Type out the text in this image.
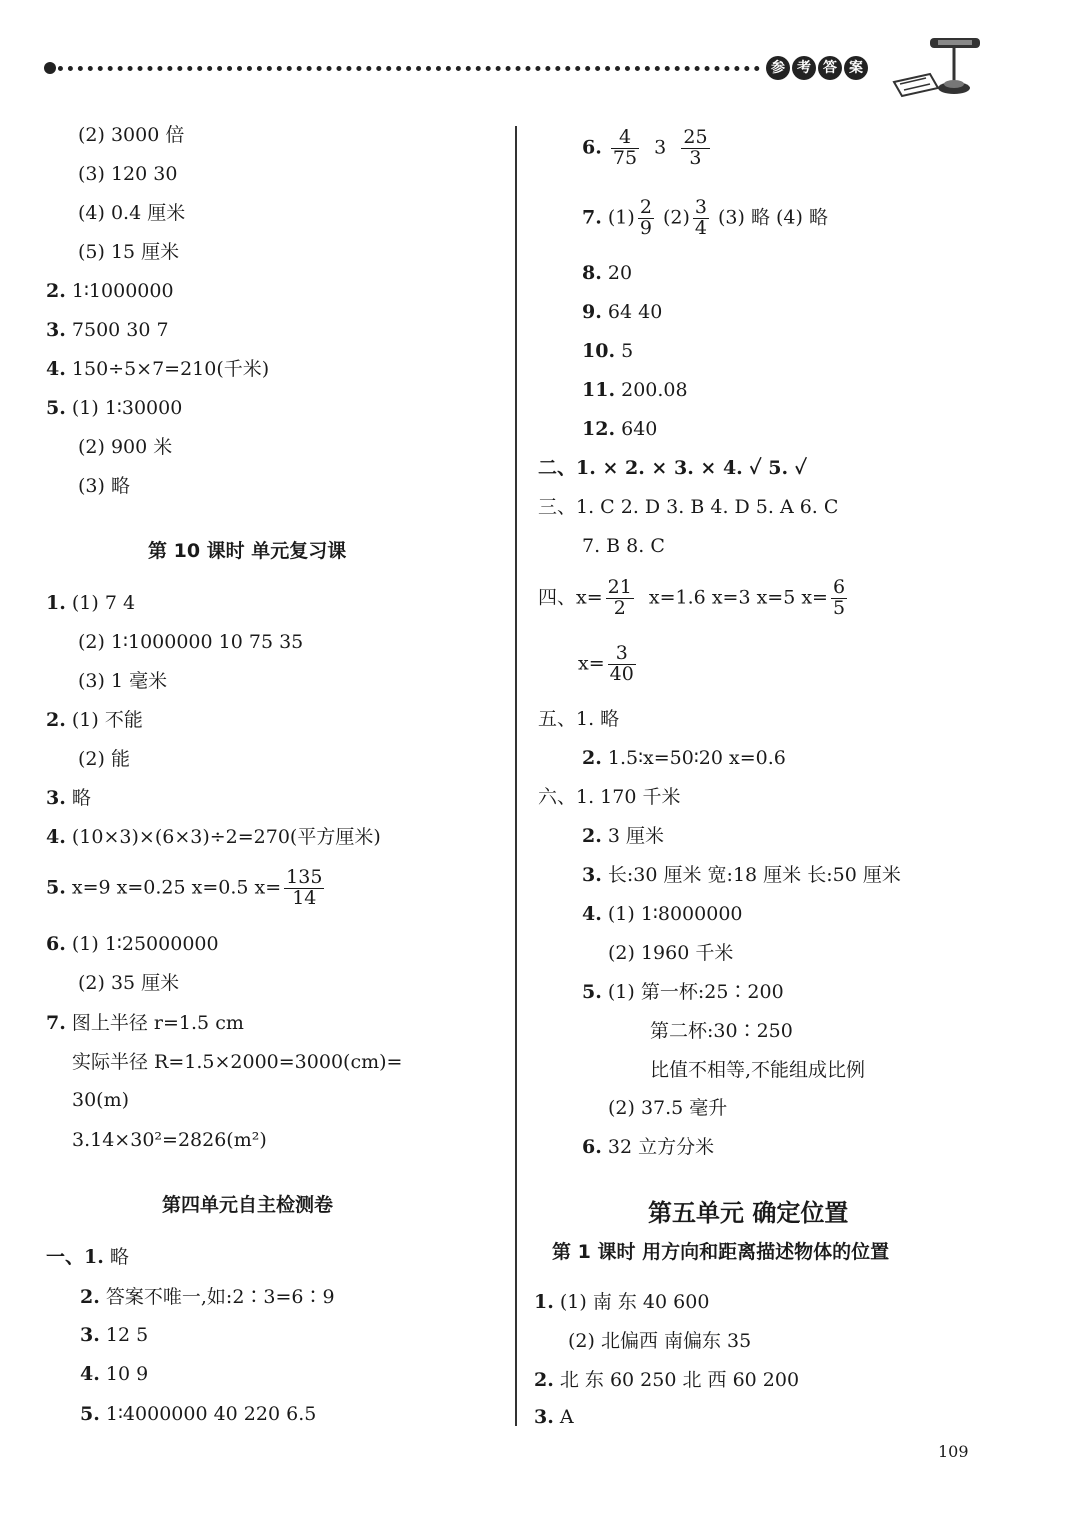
参 考 答 案
(2) 3000 倍
(3) 120 30
(4) 0.4 厘米
(5) 15 厘米
2. 1∶1000000
3. 7500 30 7
4. 150÷5×7=210(千米)
5. (1) 1∶30000
(2) 900 米
(3) 略
第 10 课时 单元复习课
1. (1) 7 4
(2) 1∶1000000 10 75 35
(3) 1 毫米
2. (1) 不能
(2) 能
3. 略
4. (10×3)×(6×3)÷2=270(平方厘米)
5. x=9 x=0.25 x=0.5 $x= \frac{135}{14}$
6. (1) 1∶25000000
(2) 35 厘米
7. 图上半径 r=1.5 cm
实际半径 R=1.5×2000=3000(cm)=
30(m)
3.14×30²=2826(m²)
第四单元自主检测卷
一、1. 略
2. 答案不唯一,如:2∶3=6∶9
3. 12 5
4. 10 9
5. 1∶4000000 40 220 6.5
6. $\frac{4}{75} 3 \frac{25}{3}$
7. $(1) \frac{2}{9} (2) \frac{3}{4} (3)$ 略 (4) 略
8. 20
9. 64 40
10. 5
11. 200.08
12. 640
二、1. × 2. × 3. × 4. ✓ 5. ✓
三、1. C 2. D 3. B 4. D 5. A 6. C
7. B 8. C
四、$x= \frac{21}{2} x=1.6$ x=3 x=5 $x= \frac{6}{5}$
$x= \frac{3}{40}$
五、1. 略
2. 1.5∶x=50∶20 x=0.6
六、1. 170 千米
2. 3 厘米
3. 长:30 厘米 宽:18 厘米 长:50 厘米
4. (1) 1∶8000000
(2) 1960 千米
5. (1) 第一杯:25∶200
第二杯:30∶250
比值不相等,不能组成比例
(2) 37.5 毫升
6. 32 立方分米
第五单元 确定位置
第 1 课时 用方向和距离描述物体的位置
1. (1) 南 东 40 600
(2) 北偏西 南偏东 35
2. 北 东 60 250 北 西 60 200
3. A
109
